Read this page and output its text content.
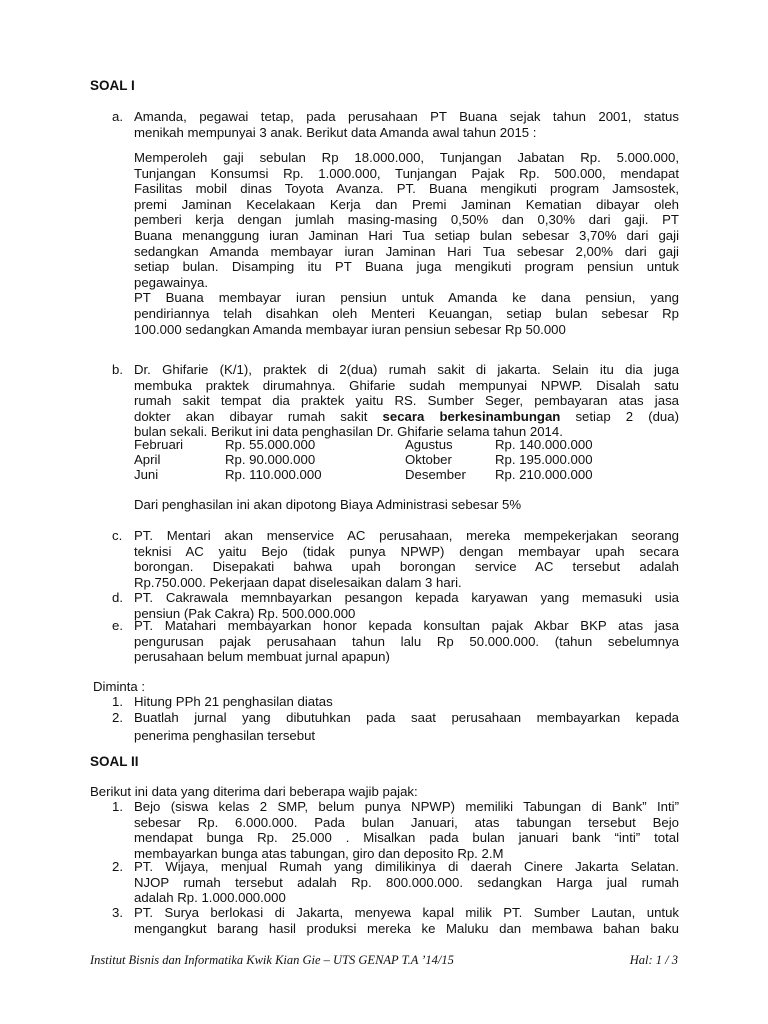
SOAL I
a. Amanda, pegawai tetap, pada perusahaan PT Buana sejak tahun 2001, status
menikah mempunyai 3 anak. Berikut data Amanda awal tahun 2015 :
Memperoleh gaji sebulan Rp 18.000.000, Tunjangan Jabatan Rp. 5.000.000,
Tunjangan Konsumsi Rp. 1.000.000, Tunjangan Pajak Rp. 500.000, mendapat
Fasilitas mobil dinas Toyota Avanza. PT. Buana mengikuti program Jamsostek,
premi Jaminan Kecelakaan Kerja dan Premi Jaminan Kematian dibayar oleh
pemberi kerja dengan jumlah masing-masing 0,50% dan 0,30% dari gaji. PT
Buana menanggung iuran Jaminan Hari Tua setiap bulan sebesar 3,70% dari gaji
sedangkan Amanda membayar iuran Jaminan Hari Tua sebesar 2,00% dari gaji
setiap bulan. Disamping itu PT Buana juga mengikuti program pensiun untuk
pegawainya.
PT Buana membayar iuran pensiun untuk Amanda ke dana pensiun, yang
pendiriannya telah disahkan oleh Menteri Keuangan, setiap bulan sebesar Rp
100.000 sedangkan Amanda membayar iuran pensiun sebesar Rp 50.000
b. Dr. Ghifarie (K/1), praktek di 2(dua) rumah sakit di jakarta. Selain itu dia juga
membuka praktek dirumahnya. Ghifarie sudah mempunyai NPWP. Disalah satu
rumah sakit tempat dia praktek yaitu RS. Sumber Seger, pembayaran atas jasa
dokter akan dibayar rumah sakit secara berkesinambungan setiap 2 (dua)
bulan sekali. Berikut ini data penghasilan Dr. Ghifarie selama tahun 2014.
Februari	Rp. 55.000.000	Agustus	Rp. 140.000.000
April	Rp. 90.000.000	Oktober	Rp. 195.000.000
Juni	Rp. 110.000.000	Desember Rp. 210.000.000
Dari penghasilan ini akan dipotong Biaya Administrasi sebesar 5%
c. PT. Mentari akan menservice AC perusahaan, mereka mempekerjakan seorang
teknisi AC yaitu Bejo (tidak punya NPWP) dengan membayar upah secara
borongan. Disepakati bahwa upah borongan service AC tersebut adalah
Rp.750.000. Pekerjaan dapat diselesaikan dalam 3 hari.
d. PT. Cakrawala memnbayarkan pesangon kepada karyawan yang memasuki usia
pensiun (Pak Cakra) Rp. 500.000.000
e. PT. Matahari membayarkan honor kepada konsultan pajak Akbar BKP atas jasa
pengurusan pajak perusahaan tahun lalu Rp 50.000.000. (tahun sebelumnya
perusahaan belum membuat jurnal apapun)
Diminta :
1. Hitung PPh 21 penghasilan diatas
2. Buatlah jurnal yang dibutuhkan pada saat perusahaan membayarkan kepada
penerima penghasilan tersebut
SOAL II
Berikut ini data yang diterima dari beberapa wajib pajak:
1. Bejo (siswa kelas 2 SMP, belum punya NPWP) memiliki Tabungan di Bank” Inti”
sebesar Rp. 6.000.000. Pada bulan Januari, atas tabungan tersebut Bejo
mendapat bunga Rp. 25.000 . Misalkan pada bulan januari bank “inti” total
membayarkan bunga atas tabungan, giro dan deposito Rp. 2.M
2. PT. Wijaya, menjual Rumah yang dimilikinya di daerah Cinere Jakarta Selatan.
NJOP rumah tersebut adalah Rp. 800.000.000. sedangkan Harga jual rumah
adalah Rp. 1.000.000.000
3. PT. Surya berlokasi di Jakarta, menyewa kapal milik PT. Sumber Lautan, untuk
mengangkut barang hasil produksi mereka ke Maluku dan membawa bahan baku
Institut Bisnis dan Informatika Kwik Kian Gie – UTS GENAP T.A ’14/15	Hal: 1 / 3
